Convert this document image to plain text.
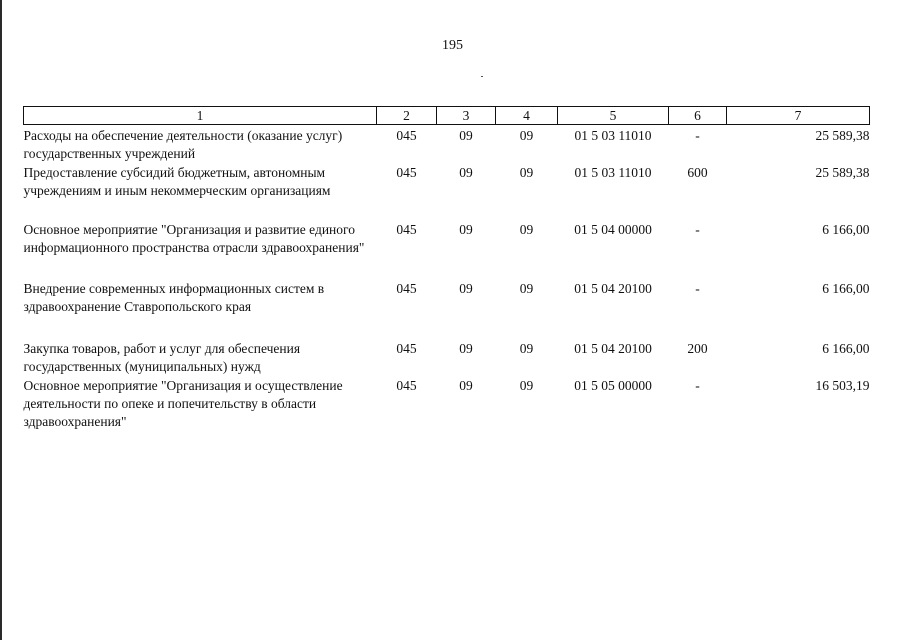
195
1	2	3	4	5	6	7
Расходы на обеспечение деятельности (оказание услуг) государственных учреждений	045	09	09	01 5 03 11010	-	25 589,38
Предоставление субсидий бюджетным, автономным учреждениям и иным некоммерческим организациям	045	09	09	01 5 03 11010	600	25 589,38
Основное мероприятие "Организация и развитие единого информационного пространства отрасли здравоохранения"	045	09	09	01 5 04 00000	-	6 166,00
Внедрение современных информационных систем в здравоохранение Ставропольского края	045	09	09	01 5 04 20100	-	6 166,00
Закупка товаров, работ и услуг для обеспечения государственных (муниципальных) нужд	045	09	09	01 5 04 20100	200	6 166,00
Основное мероприятие "Организация и осуществление деятельности по опеке и попечительству в области здравоохранения"	045	09	09	01 5 05 00000	-	16 503,19
